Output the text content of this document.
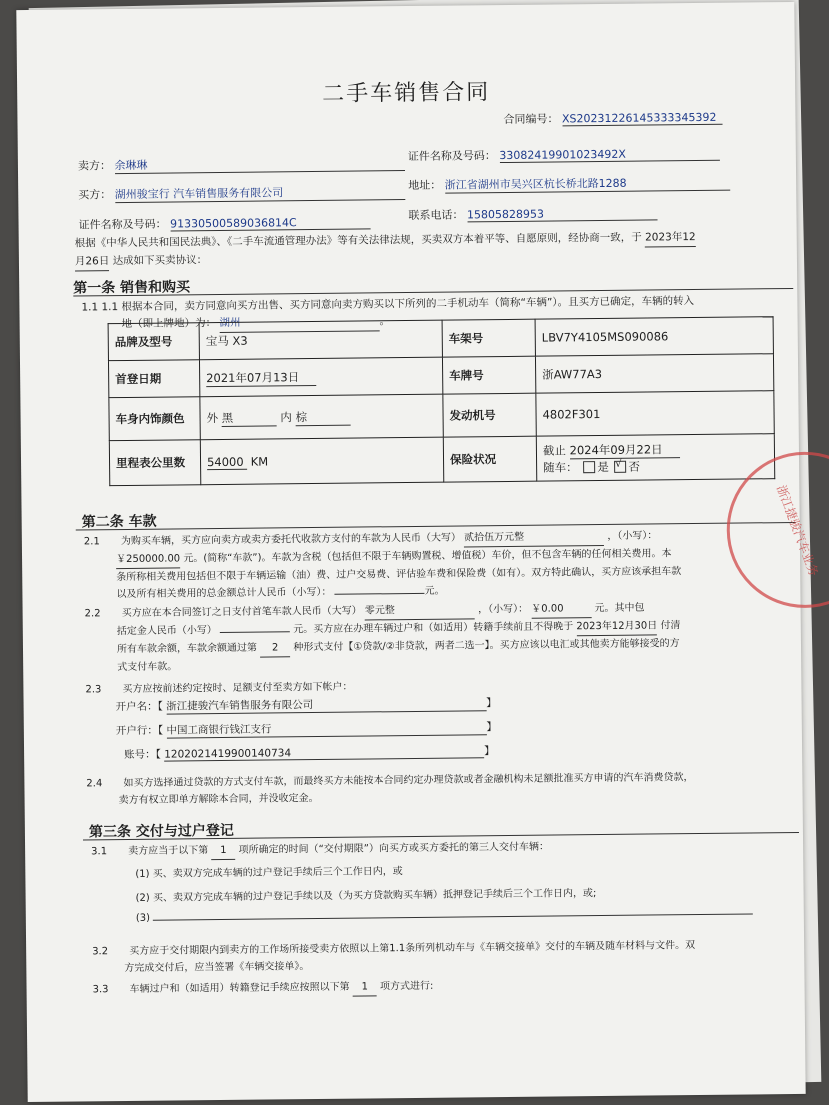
二手车销售合同
合同编号： XS20231226145333345392
卖方： 余琳琳
证件名称及号码： 330824199010234​92X
买方： 湖州骏宝行 汽车销售服务有限公司
地址： 浙江省湖州市吴兴区杭长桥北路1288
证件名称及号码： 91330500589036814C
联系电话： 15805828953
根据《中华人民共和国民法典》、《二手车流通管理办法》等有关法律法规，买卖双方本着平等、自愿原则，经协商一致，于 2023年12
月26日 达成如下买卖协议：
第一条 销售和购买
1.1 1.1 根据本合同，卖方同意向买方出售、买方同意向卖方购买以下所列的二手机动车（简称“车辆”）。且买方已确定，车辆的转入
地（即上牌地）为： 湖州	。
品牌及型号	宝马 X3	车架号	LBV7Y4105MS090086
首登日期	2021年07月13日	车牌号	浙AW77A3
车身内饰颜色	外 黑 内 棕	发动机号	4802F301
里程表公里数	54000 KM	保险状况	截止 2024年09月22日
随车： 是 √ 否
第二条 车款
2.1 为购买车辆，买方应向卖方或卖方委托代收款方支付的车款为人民币（大写） 贰拾伍万元整	，（小写）：
￥250000.00 元。(简称“车款”)。车款为含税（包括但不限于车辆购置税、增值税）车价，但不包含车辆的任何相关费用。本
条所称相关费用包括但不限于车辆运输（油）费、过户交易费、评估验车费和保险费（如有）。双方特此确认，买方应该承担车款
以及所有相关费用的总金额总计人民币（小写）：	元。
2.2 买方应在本合同签订之日支付首笔车款人民币（大写） 零元整	，（小写）： ￥0.00	元。其中包
括定金人民币（小写）	元。买方应在办理车辆过户和（如适用）转籍手续前且不得晚于 2023年12月30日 付清
所有车款余额，车款余额通过第 2 种形式支付【①贷款/②非贷款，两者二选一】。买方应该以电汇或其他卖方能够接受的方
式支付车款。
2.3 买方应按前述约定按时、足额支付至卖方如下帐户：
开户名：【 浙江捷骏汽车销售服务有限公司	】
开户行：【 中国工商银行钱江支行	】
账号：【 1202021419900140734	】
2.4 如买方选择通过贷款的方式支付车款，而最终买方未能按本合同约定办理贷款或者金融机构未足额批准买方申请的汽车消费贷款，
卖方有权立即单方解除本合同，并没收定金。
第三条 交付与过户登记
3.1 卖方应当于以下第 1 项所确定的时间（“交付期限”）向买方或买方委托的第三人交付车辆：
(1) 买、卖双方完成车辆的过户登记手续后三个工作日内，或
(2) 买、卖双方完成车辆的过户登记手续以及（为买方贷款购买车辆）抵押登记手续后三个工作日内，或;
(3)
3.2 买方应于交付期限内到卖方的工作场所接受卖方依照以上第1.1条所列机动车与《车辆交接单》交付的车辆及随车材料与文件。双
方完成交付后，应当签署《车辆交接单》。
3.3 车辆过户和（如适用）转籍登记手续应按照以下第 1 项方式进行:
浙江捷骏汽车业务
